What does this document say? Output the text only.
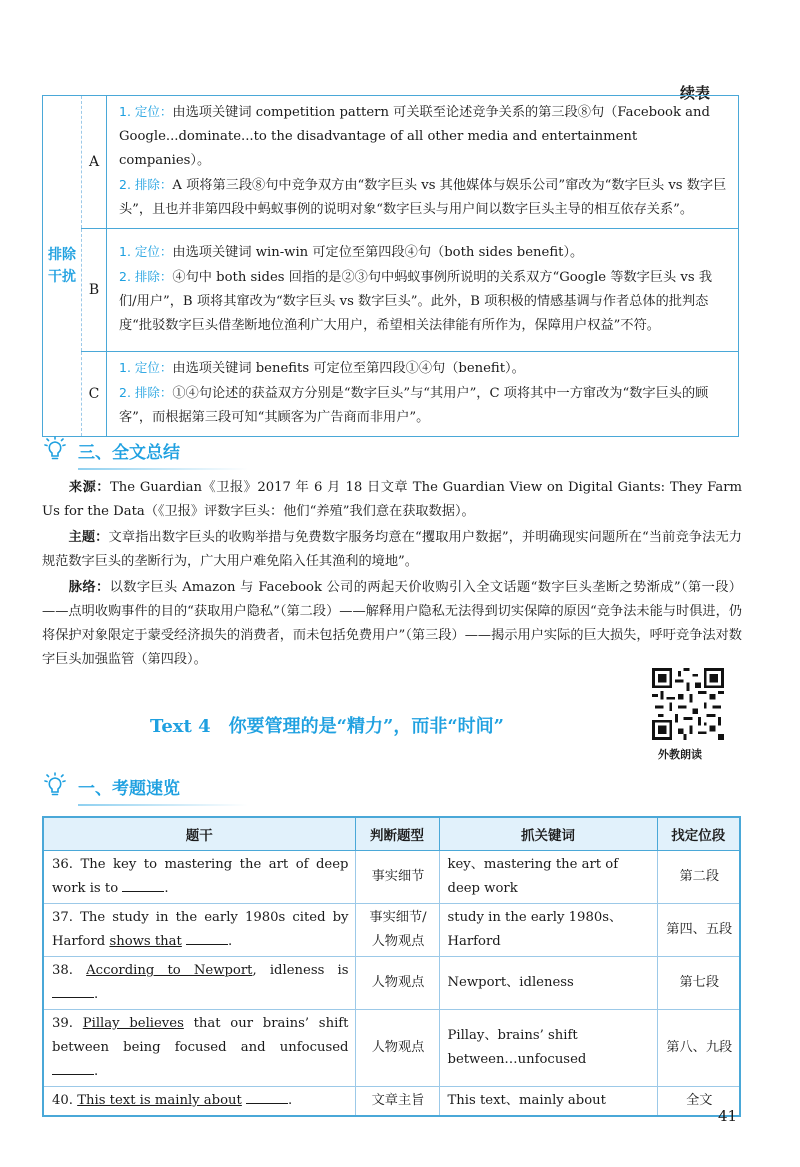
续表
排除
干扰	A	1. 定位：由选项关键词 competition pattern 可关联至论述竞争关系的第三段⑧句（Facebook and Google...dominate...to the disadvantage of all other media and entertainment companies）。
2. 排除：A 项将第三段⑧句中竞争双方由“数字巨头 vs 其他媒体与娱乐公司”窜改为“数字巨头 vs 数字巨头”，且也并非第四段中蚂蚁事例的说明对象“数字巨头与用户间以数字巨头主导的相互依存关系”。
	B	1. 定位：由选项关键词 win-win 可定位至第四段④句（both sides benefit）。
2. 排除：④句中 both sides 回指的是②③句中蚂蚁事例所说明的关系双方“Google 等数字巨头 vs 我们/用户”，B 项将其窜改为“数字巨头 vs 数字巨头”。此外，B 项积极的情感基调与作者总体的批判态度“批驳数字巨头借垄断地位渔利广大用户，希望相关法律能有所作为，保障用户权益”不符。
	C	1. 定位：由选项关键词 benefits 可定位至第四段①④句（benefit）。
2. 排除：①④句论述的获益双方分别是“数字巨头”与“其用户”，C 项将其中一方窜改为“数字巨头的顾客”，而根据第三段可知“其顾客为广告商而非用户”。
三、全文总结
来源：The Guardian《卫报》2017 年 6 月 18 日文章 The Guardian View on Digital Giants: They Farm Us for the Data（《卫报》评数字巨头：他们“养殖”我们意在获取数据）。
主题：文章指出数字巨头的收购举措与免费数字服务均意在“攫取用户数据”，并明确现实问题所在“当前竞争法无力规范数字巨头的垄断行为，广大用户难免陷入任其渔利的境地”。
脉络：以数字巨头 Amazon 与 Facebook 公司的两起天价收购引入全文话题“数字巨头垄断之势渐成”（第一段）——点明收购事件的目的“获取用户隐私”（第二段）——解释用户隐私无法得到切实保障的原因“竞争法未能与时俱进，仍将保护对象限定于蒙受经济损失的消费者，而未包括免费用户”（第三段）——揭示用户实际的巨大损失，呼吁竞争法对数字巨头加强监管（第四段）。
Text 4 你要管理的是“精力”，而非“时间”
外教朗读
一、考题速览
题干	判断题型	抓关键词	找定位段
36. The key to mastering the art of deep work is to .	事实细节	key、mastering the art of deep work	第二段
37. The study in the early 1980s cited by Harford shows that .	事实细节/人物观点	study in the early 1980s、Harford	第四、五段
38. According to Newport, idleness is .	人物观点	Newport、idleness	第七段
39. Pillay believes that our brains’ shift between being focused and unfocused .	人物观点	Pillay、brains’ shift between…unfocused	第八、九段
40. This text is mainly about .	文章主旨	This text、mainly about	全文
41
